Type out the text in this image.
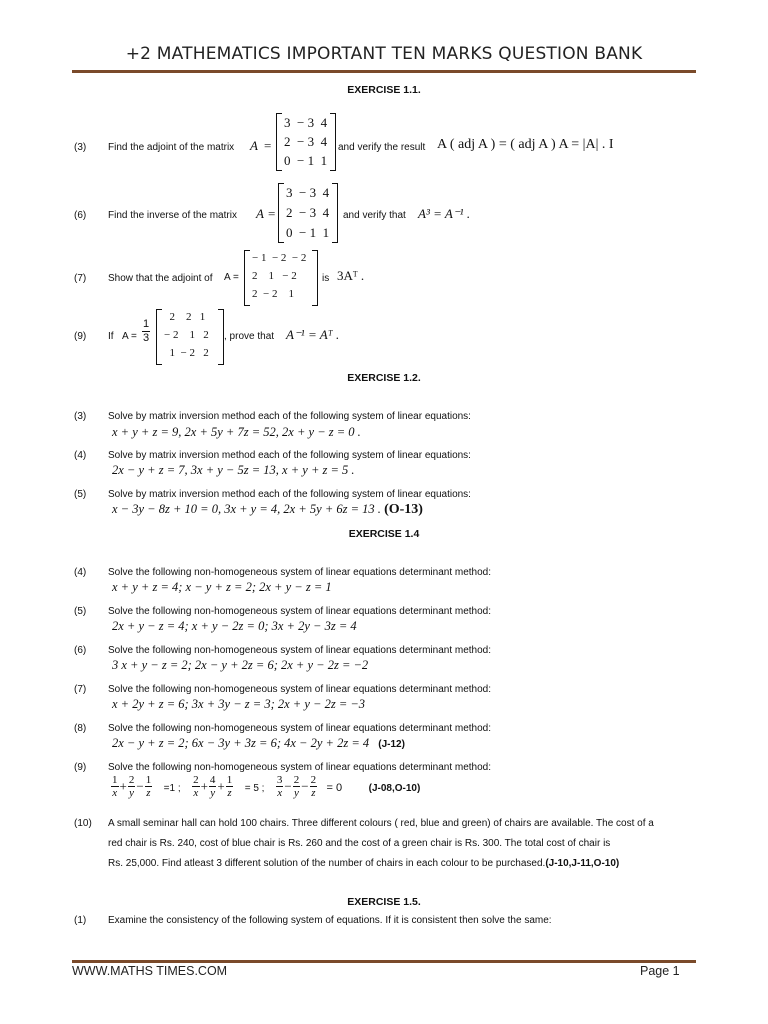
+2 MATHEMATICS IMPORTANT TEN MARKS QUESTION BANK
EXERCISE 1.1.
(3) Find the adjoint of the matrix A =
3  − 3  4
2  − 3  4
0  − 1  1
and verify the result A ( adj A ) = ( adj A ) A = |A| . I
(6) Find the inverse of the matrix A =
3  − 3  4
2  − 3  4
0  − 1  1
and verify that A³ = A⁻¹ .
(7) Show that the adjoint of A =
− 1  − 2  − 2
2    1   − 2
2  − 2    1
is 3Aᵀ .
(9) If $A = \frac{1}{3}$
2    2   1
− 2    1   2
1  − 2   2
, prove that A⁻¹ = Aᵀ .
EXERCISE 1.2.
(3) Solve by matrix inversion method each of the following system of linear equations:
x + y + z = 9, 2x + 5y + 7z = 52, 2x + y − z = 0 .
(4) Solve by matrix inversion method each of the following system of linear equations:
2x − y + z = 7, 3x + y − 5z = 13, x + y + z = 5 .
(5) Solve by matrix inversion method each of the following system of linear equations:
x − 3y − 8z + 10 = 0, 3x + y = 4, 2x + 5y + 6z = 13 . (O-13)
EXERCISE 1.4
(4) Solve the following non-homogeneous system of linear equations determinant method:
x + y + z = 4; x − y + z = 2; 2x + y − z = 1
(5) Solve the following non-homogeneous system of linear equations determinant method:
2x + y − z = 4; x + y − 2z = 0; 3x + 2y − 3z = 4
(6) Solve the following non-homogeneous system of linear equations determinant method:
3 x + y − z = 2; 2x − y + 2z = 6; 2x + y − 2z = −2
(7) Solve the following non-homogeneous system of linear equations determinant method:
x + 2y + z = 6; 3x + 3y − z = 3; 2x + y − 2z = −3
(8) Solve the following non-homogeneous system of linear equations determinant method:
2x − y + z = 2; 6x − 3y + 3z = 6; 4x − 2y + 2z = 4 (J-12)
(9) Solve the following non-homogeneous system of linear equations determinant method:
$\frac{1}{x} + \frac{2}{y} - \frac{1}{z} =1$ ; $\frac{2}{x} + \frac{4}{y} + \frac{1}{z} = 5$ ; $\frac{3}{x} - \frac{2}{y} - \frac{2}{z} = 0$	(J-08,O-10)
(10) A small seminar hall can hold 100 chairs. Three different colours ( red, blue and green) of chairs are available. The cost of a
red chair is Rs. 240, cost of blue chair is Rs. 260 and the cost of a green chair is Rs. 300. The total cost of chair is
Rs. 25,000. Find atleast 3 different solution of the number of chairs in each colour to be purchased.(J-10,J-11,O-10)
EXERCISE 1.5.
(1) Examine the consistency of the following system of equations. If it is consistent then solve the same:
WWW.MATHS TIMES.COM	Page 1
